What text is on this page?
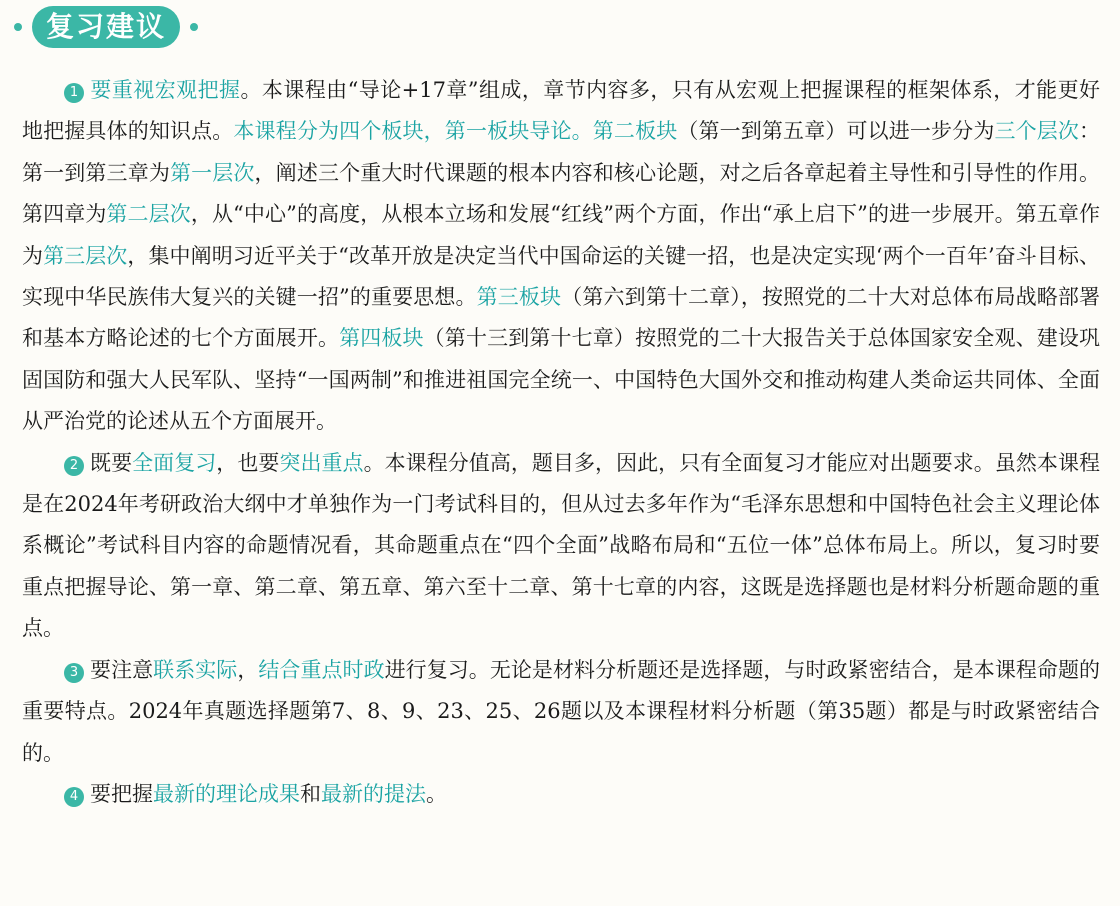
复习建议

1 要重视宏观把握。本课程由“导论+17章”组成，章节内容多，只有从宏观上把握课程的框架体系，才能更好地把握具体的知识点。本课程分为四个板块，第一板块导论。第二板块（第一到第五章）可以进一步分为三个层次：第一到第三章为第一层次，阐述三个重大时代课题的根本内容和核心论题，对之后各章起着主导性和引导性的作用。第四章为第二层次，从“中心”的高度，从根本立场和发展“红线”两个方面，作出“承上启下”的进一步展开。第五章作为第三层次，集中阐明习近平关于“改革开放是决定当代中国命运的关键一招，也是决定实现‘两个一百年’奋斗目标、实现中华民族伟大复兴的关键一招”的重要思想。第三板块（第六到第十二章），按照党的二十大对总体布局战略部署和基本方略论述的七个方面展开。第四板块（第十三到第十七章）按照党的二十大报告关于总体国家安全观、建设巩固国防和强大人民军队、坚持“一国两制”和推进祖国完全统一、中国特色大国外交和推动构建人类命运共同体、全面从严治党的论述从五个方面展开。

2 既要全面复习，也要突出重点。本课程分值高，题目多，因此，只有全面复习才能应对出题要求。虽然本课程是在2024年考研政治大纲中才单独作为一门考试科目的，但从过去多年作为“毛泽东思想和中国特色社会主义理论体系概论”考试科目内容的命题情况看，其命题重点在“四个全面”战略布局和“五位一体”总体布局上。所以，复习时要重点把握导论、第一章、第二章、第五章、第六至十二章、第十七章的内容，这既是选择题也是材料分析题命题的重点。

3 要注意联系实际，结合重点时政进行复习。无论是材料分析题还是选择题，与时政紧密结合，是本课程命题的重要特点。2024年真题选择题第7、8、9、23、25、26题以及本课程材料分析题（第35题）都是与时政紧密结合的。

4 要把握最新的理论成果和最新的提法。
